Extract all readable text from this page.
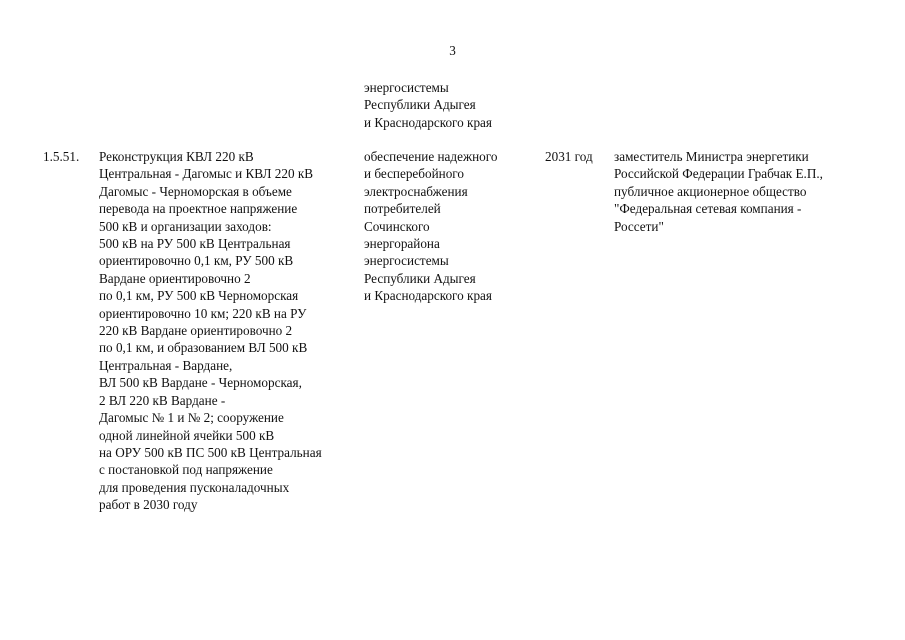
3
энергосистемы
Республики Адыгея
и Краснодарского края
1.5.51. Реконструкция КВЛ 220 кВ
Центральная - Дагомыс и КВЛ 220 кВ
Дагомыс - Черноморская в объеме
перевода на проектное напряжение
500 кВ и организации заходов:
500 кВ на РУ 500 кВ Центральная
ориентировочно 0,1 км, РУ 500 кВ
Вардане ориентировочно 2
по 0,1 км, РУ 500 кВ Черноморская
ориентировочно 10 км; 220 кВ на РУ
220 кВ Вардане ориентировочно 2
по 0,1 км, и образованием ВЛ 500 кВ
Центральная - Вардане,
ВЛ 500 кВ Вардане - Черноморская,
2 ВЛ 220 кВ Вардане -
Дагомыс № 1 и № 2; сооружение
одной линейной ячейки 500 кВ
на ОРУ 500 кВ ПС 500 кВ Центральная
с постановкой под напряжение
для проведения пусконаладочных
работ в 2030 году
обеспечение надежного
и бесперебойного
электроснабжения
потребителей
Сочинского
энергорайона
энергосистемы
Республики Адыгея
и Краснодарского края
2031 год заместитель Министра энергетики
Российской Федерации Грабчак Е.П.,
публичное акционерное общество
"Федеральная сетевая компания -
Россети"
